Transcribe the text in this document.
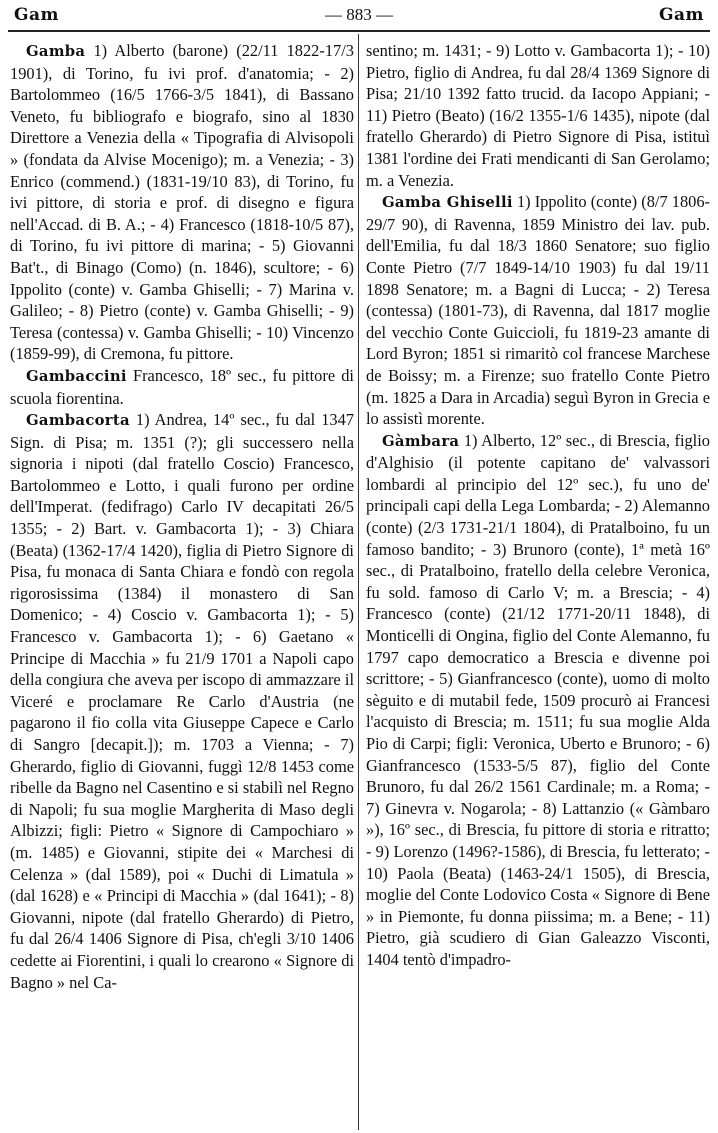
Gam	— 883 —	Gam

Gamba 1) Alberto (barone) (22/11 1822-17/3 1901), di Torino, fu ivi prof. d'anatomia; - 2) Bartolommeo (16/5 1766-3/5 1841), di Bassano Veneto, fu bibliografo e biografo, sino al 1830 Direttore a Venezia della « Tipografia di Alvisopoli » (fondata da Alvise Mocenigo); m. a Venezia; - 3) Enrico (commend.) (1831-19/10 83), di Torino, fu ivi pittore, di storia e prof. di disegno e figura nell'Accad. di B. A.; - 4) Francesco (1818-10/5 87), di Torino, fu ivi pittore di marina; - 5) Giovanni Bat't., di Binago (Como) (n. 1846), scultore; - 6) Ippolito (conte) v. Gamba Ghiselli; - 7) Marina v. Galileo; - 8) Pietro (conte) v. Gamba Ghiselli; - 9) Teresa (contessa) v. Gamba Ghiselli; - 10) Vincenzo (1859-99), di Cremona, fu pittore.

Gambaccini Francesco, 18º sec., fu pittore di scuola fiorentina.

Gambacorta 1) Andrea, 14º sec., fu dal 1347 Sign. di Pisa; m. 1351 (?); gli successero nella signoria i nipoti (dal fratello Coscio) Francesco, Bartolommeo e Lotto, i quali furono per ordine dell'Imperat. (fedifrago) Carlo IV decapitati 26/5 1355; - 2) Bart. v. Gambacorta 1); - 3) Chiara (Beata) (1362-17/4 1420), figlia di Pietro Signore di Pisa, fu monaca di Santa Chiara e fondò con regola rigorosissima (1384) il monastero di San Domenico; - 4) Coscio v. Gambacorta 1); - 5) Francesco v. Gambacorta 1); - 6) Gaetano « Principe di Macchia » fu 21/9 1701 a Napoli capo della congiura che aveva per iscopo di ammazzare il Viceré e proclamare Re Carlo d'Austria (ne pagarono il fio colla vita Giuseppe Capece e Carlo di Sangro [decapit.]); m. 1703 a Vienna; - 7) Gherardo, figlio di Giovanni, fuggì 12/8 1453 come ribelle da Bagno nel Casentino e si stabilì nel Regno di Napoli; fu sua moglie Margherita di Maso degli Albizzi; figli: Pietro « Signore di Campochiaro » (m. 1485) e Giovanni, stipite dei « Marchesi di Celenza » (dal 1589), poi « Duchi di Limatula » (dal 1628) e « Principi di Macchia » (dal 1641); - 8) Giovanni, nipote (dal fratello Gherardo) di Pietro, fu dal 26/4 1406 Signore di Pisa, ch'egli 3/10 1406 cedette ai Fiorentini, i quali lo crearono « Signore di Bagno » nel Ca-

sentino; m. 1431; - 9) Lotto v. Gambacorta 1); - 10) Pietro, figlio di Andrea, fu dal 28/4 1369 Signore di Pisa; 21/10 1392 fatto trucid. da Iacopo Appiani; - 11) Pietro (Beato) (16/2 1355-1/6 1435), nipote (dal fratello Gherardo) di Pietro Signore di Pisa, istituì 1381 l'ordine dei Frati mendicanti di San Gerolamo; m. a Venezia.

Gamba Ghiselli 1) Ippolito (conte) (8/7 1806-29/7 90), di Ravenna, 1859 Ministro dei lav. pub. dell'Emilia, fu dal 18/3 1860 Senatore; suo figlio Conte Pietro (7/7 1849-14/10 1903) fu dal 19/11 1898 Senatore; m. a Bagni di Lucca; - 2) Teresa (contessa) (1801-73), di Ravenna, dal 1817 moglie del vecchio Conte Guiccioli, fu 1819-23 amante di Lord Byron; 1851 si rimaritò col francese Marchese de Boissy; m. a Firenze; suo fratello Conte Pietro (m. 1825 a Dara in Arcadia) seguì Byron in Grecia e lo assistì morente.

Gàmbara 1) Alberto, 12º sec., di Brescia, figlio d'Alghisio (il potente capitano de' valvassori lombardi al principio del 12º sec.), fu uno de' principali capi della Lega Lombarda; - 2) Alemanno (conte) (2/3 1731-21/1 1804), di Pratalboino, fu un famoso bandito; - 3) Brunoro (conte), 1ª metà 16º sec., di Pratalboino, fratello della celebre Veronica, fu sold. famoso di Carlo V; m. a Brescia; - 4) Francesco (conte) (21/12 1771-20/11 1848), di Monticelli di Ongina, figlio del Conte Alemanno, fu 1797 capo democratico a Brescia e divenne poi scrittore; - 5) Gianfrancesco (conte), uomo di molto sèguito e di mutabil fede, 1509 procurò ai Francesi l'acquisto di Brescia; m. 1511; fu sua moglie Alda Pio di Carpi; figli: Veronica, Uberto e Brunoro; - 6) Gianfrancesco (1533-5/5 87), figlio del Conte Brunoro, fu dal 26/2 1561 Cardinale; m. a Roma; - 7) Ginevra v. Nogarola; - 8) Lattanzio (« Gàmbaro »), 16º sec., di Brescia, fu pittore di storia e ritratto; - 9) Lorenzo (1496?-1586), di Brescia, fu letterato; - 10) Paola (Beata) (1463-24/1 1505), di Brescia, moglie del Conte Lodovico Costa « Signore di Bene » in Piemonte, fu donna piissima; m. a Bene; - 11) Pietro, già scudiero di Gian Galeazzo Visconti, 1404 tentò d'impadro-
